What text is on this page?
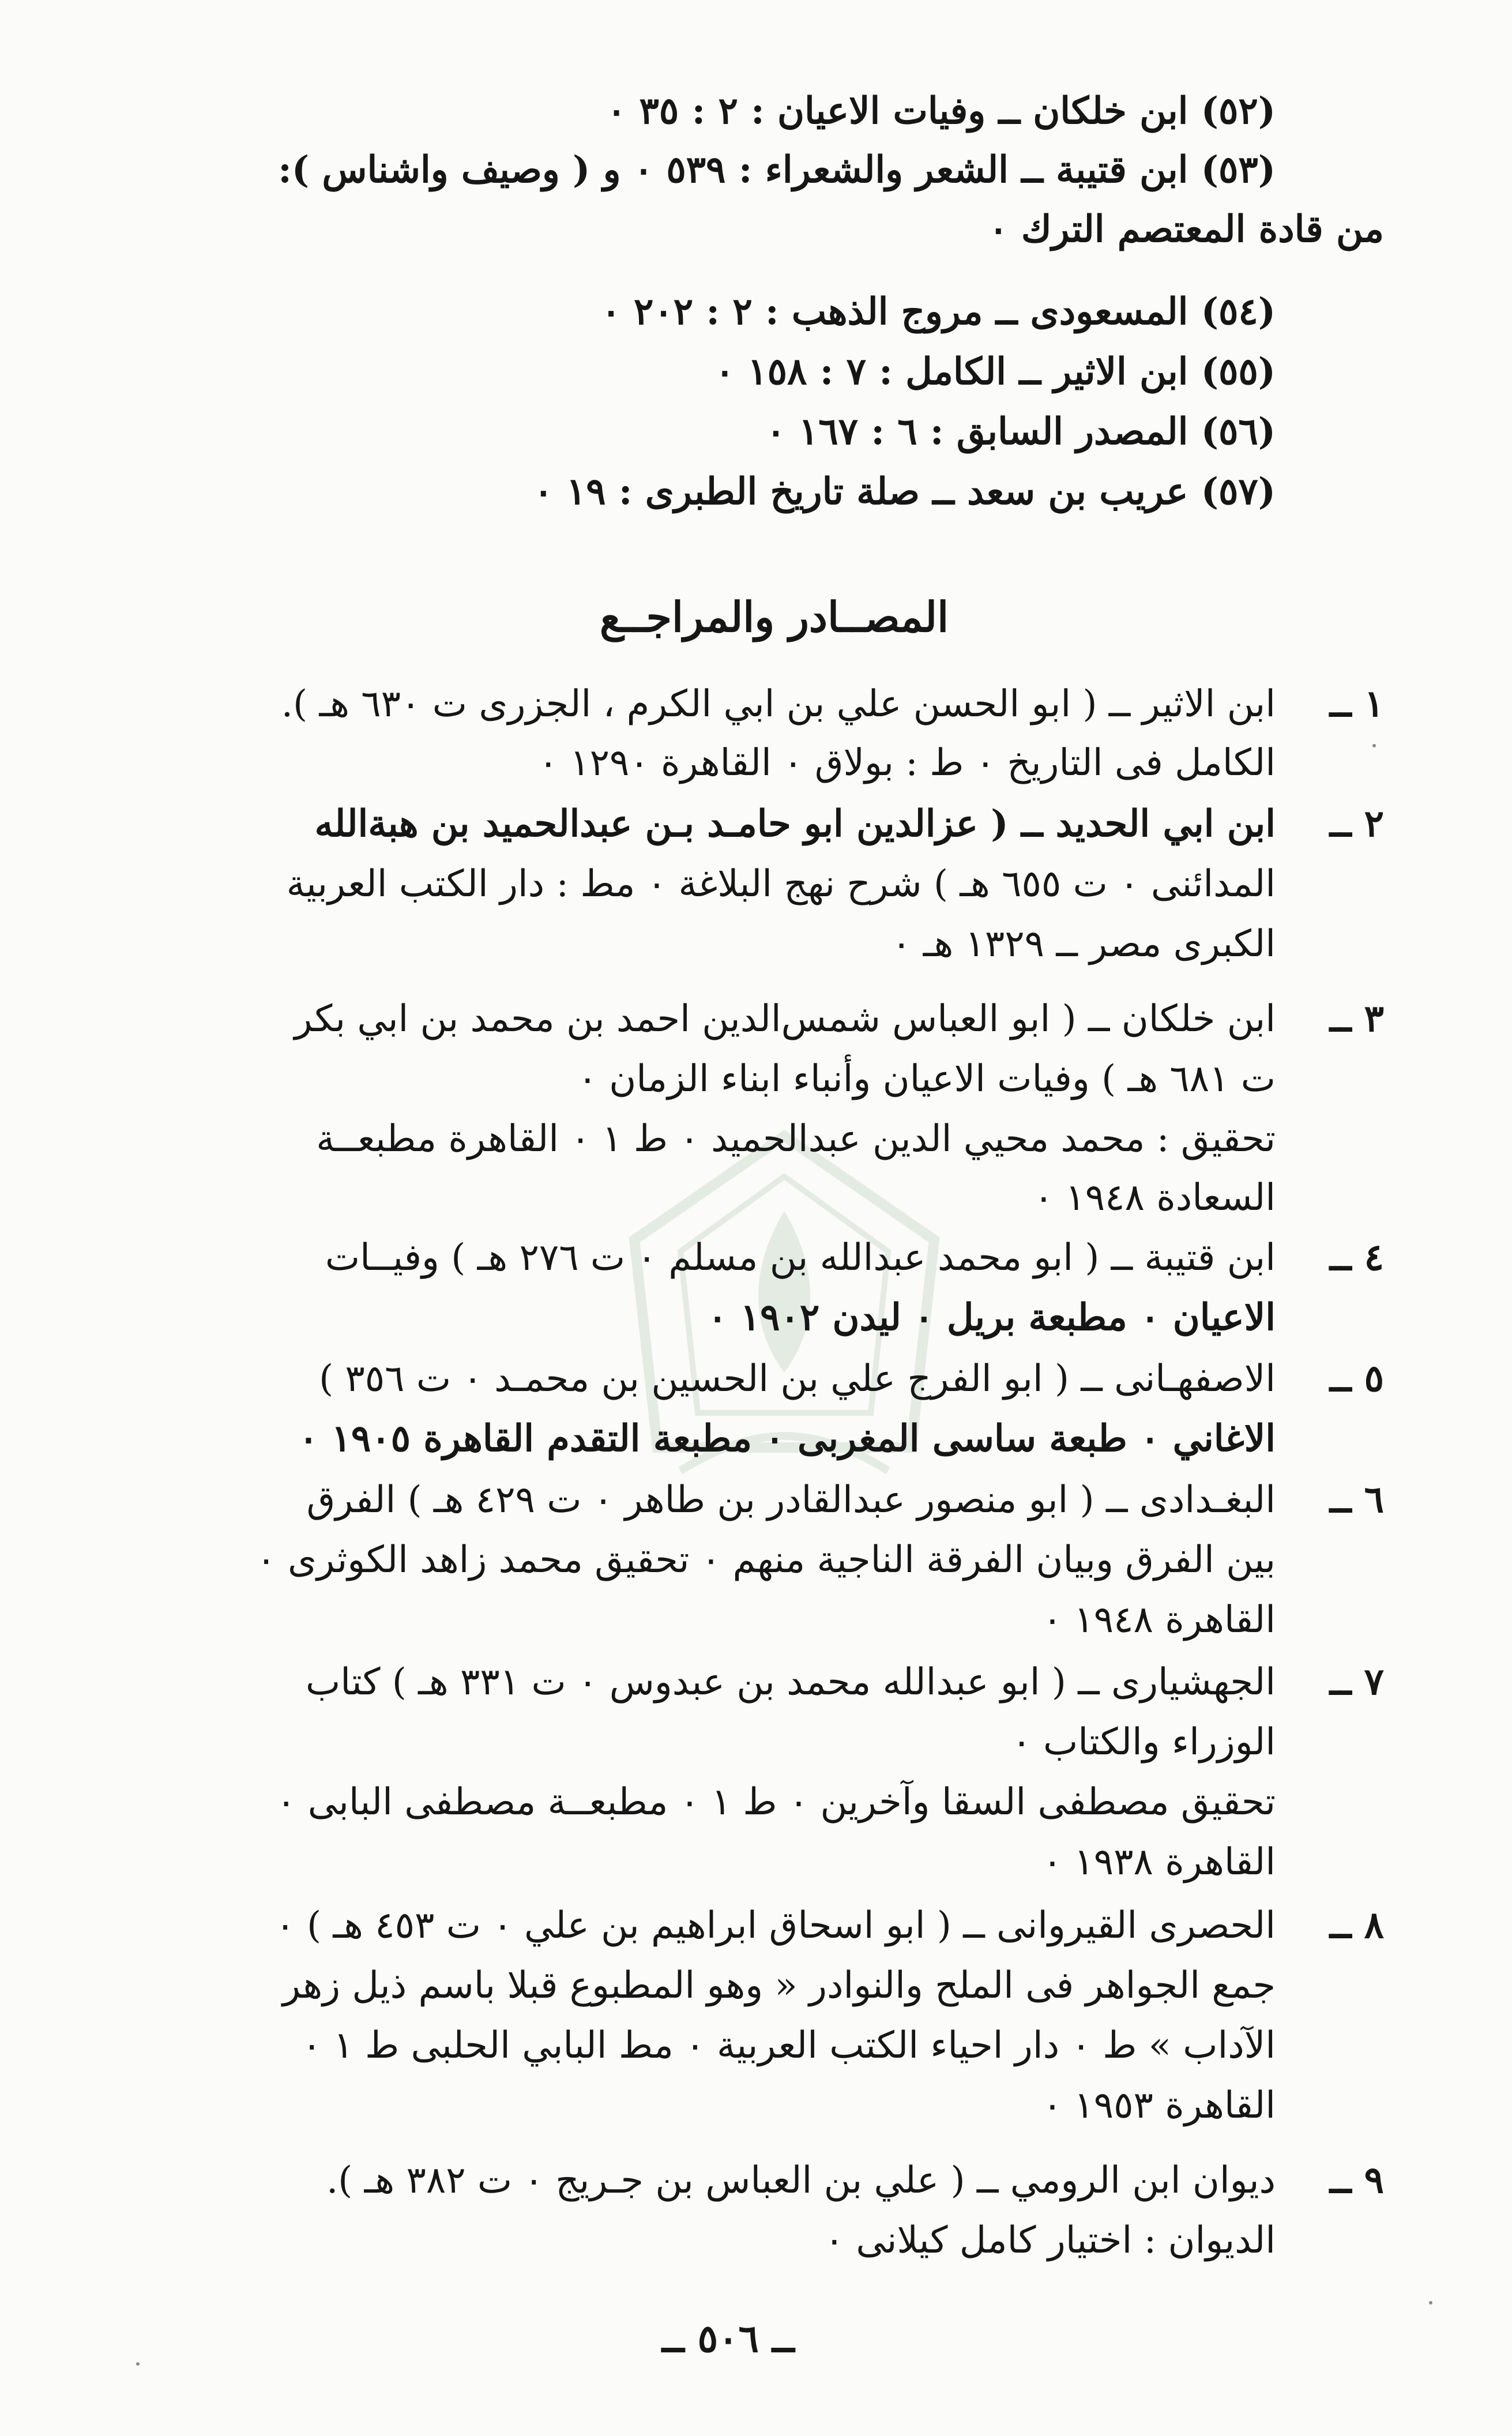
(٥٢) ابن خلكان ــ وفيات الاعيان : ٢ : ٣٥ ٠
(٥٣) ابن قتيبة ــ الشعر والشعراء : ٥٣٩ ٠ و ( وصيف واشناس ):
من قادة المعتصم الترك ٠
(٥٤) المسعودى ــ مروج الذهب : ٢ : ٢٠٢ ٠
(٥٥) ابن الاثير ــ الكامل : ٧ : ١٥٨ ٠
(٥٦) المصدر السابق : ٦ : ١٦٧ ٠
(٥٧) عريب بن سعد ــ صلة تاريخ الطبرى : ١٩ ٠
المصــادر والمراجــع
١ ــ
ابن الاثير ــ ( ابو الحسن علي بن ابي الكرم ، الجزرى ت ٦٣٠ هـ ).
الكامل فى التاريخ ٠ ط : بولاق ٠ القاهرة ١٢٩٠ ٠
٢ ــ
ابن ابي الحديد ــ ( عزالدين ابو حامـد بـن عبدالحميد بن هبةالله
المدائنى ٠ ت ٦٥٥ هـ ) شرح نهج البلاغة ٠ مط : دار الكتب العربية
الكبرى مصر ــ ١٣٢٩ هـ ٠
٣ ــ
ابن خلكان ــ ( ابو العباس شمس‌الدين احمد بن محمد بن ابي بكر
ت ٦٨١ هـ ) وفيات الاعيان وأنباء ابناء الزمان ٠
تحقيق : محمد محيي الدين عبدالحميد ٠ ط ١ ٠ القاهرة مطبعــة
السعادة ١٩٤٨ ٠
٤ ــ
ابن قتيبة ــ ( ابو محمد عبدالله بن مسلم ٠ ت ٢٧٦ هـ ) وفيــات
الاعيان ٠ مطبعة بريل ٠ ليدن ١٩٠٢ ٠
٥ ــ
الاصفهـانى ــ ( ابو الفرج علي بن الحسين بن محمـد ٠ ت ٣٥٦ )
الاغاني ٠ طبعة ساسى المغربى ٠ مطبعة التقدم القاهرة ١٩٠٥ ٠
٦ ــ
البغـدادى ــ ( ابو منصور عبدالقادر بن طاهر ٠ ت ٤٢٩ هـ ) الفرق
بين الفرق وبيان الفرقة الناجية منهم ٠ تحقيق محمد زاهد الكوثرى ٠
القاهرة ١٩٤٨ ٠
٧ ــ
الجهشيارى ــ ( ابو عبدالله محمد بن عبدوس ٠ ت ٣٣١ هـ ) كتاب
الوزراء والكتاب ٠
تحقيق مصطفى السقا وآخرين ٠ ط ١ ٠ مطبعــة مصطفى البابى ٠
القاهرة ١٩٣٨ ٠
٨ ــ
الحصرى القيروانى ــ ( ابو اسحاق ابراهيم بن علي ٠ ت ٤٥٣ هـ ) ٠
جمع الجواهر فى الملح والنوادر « وهو المطبوع قبلا باسم ذيل زهر
الآداب » ط ٠ دار احياء الكتب العربية ٠ مط البابي الحلبى ط ١ ٠
القاهرة ١٩٥٣ ٠
٩ ــ
ديوان ابن الرومي ــ ( علي بن العباس بن جـريج ٠ ت ٣٨٢ هـ ).
الديوان : اختيار كامل كيلانى ٠
ــ ٥٠٦ ــ
